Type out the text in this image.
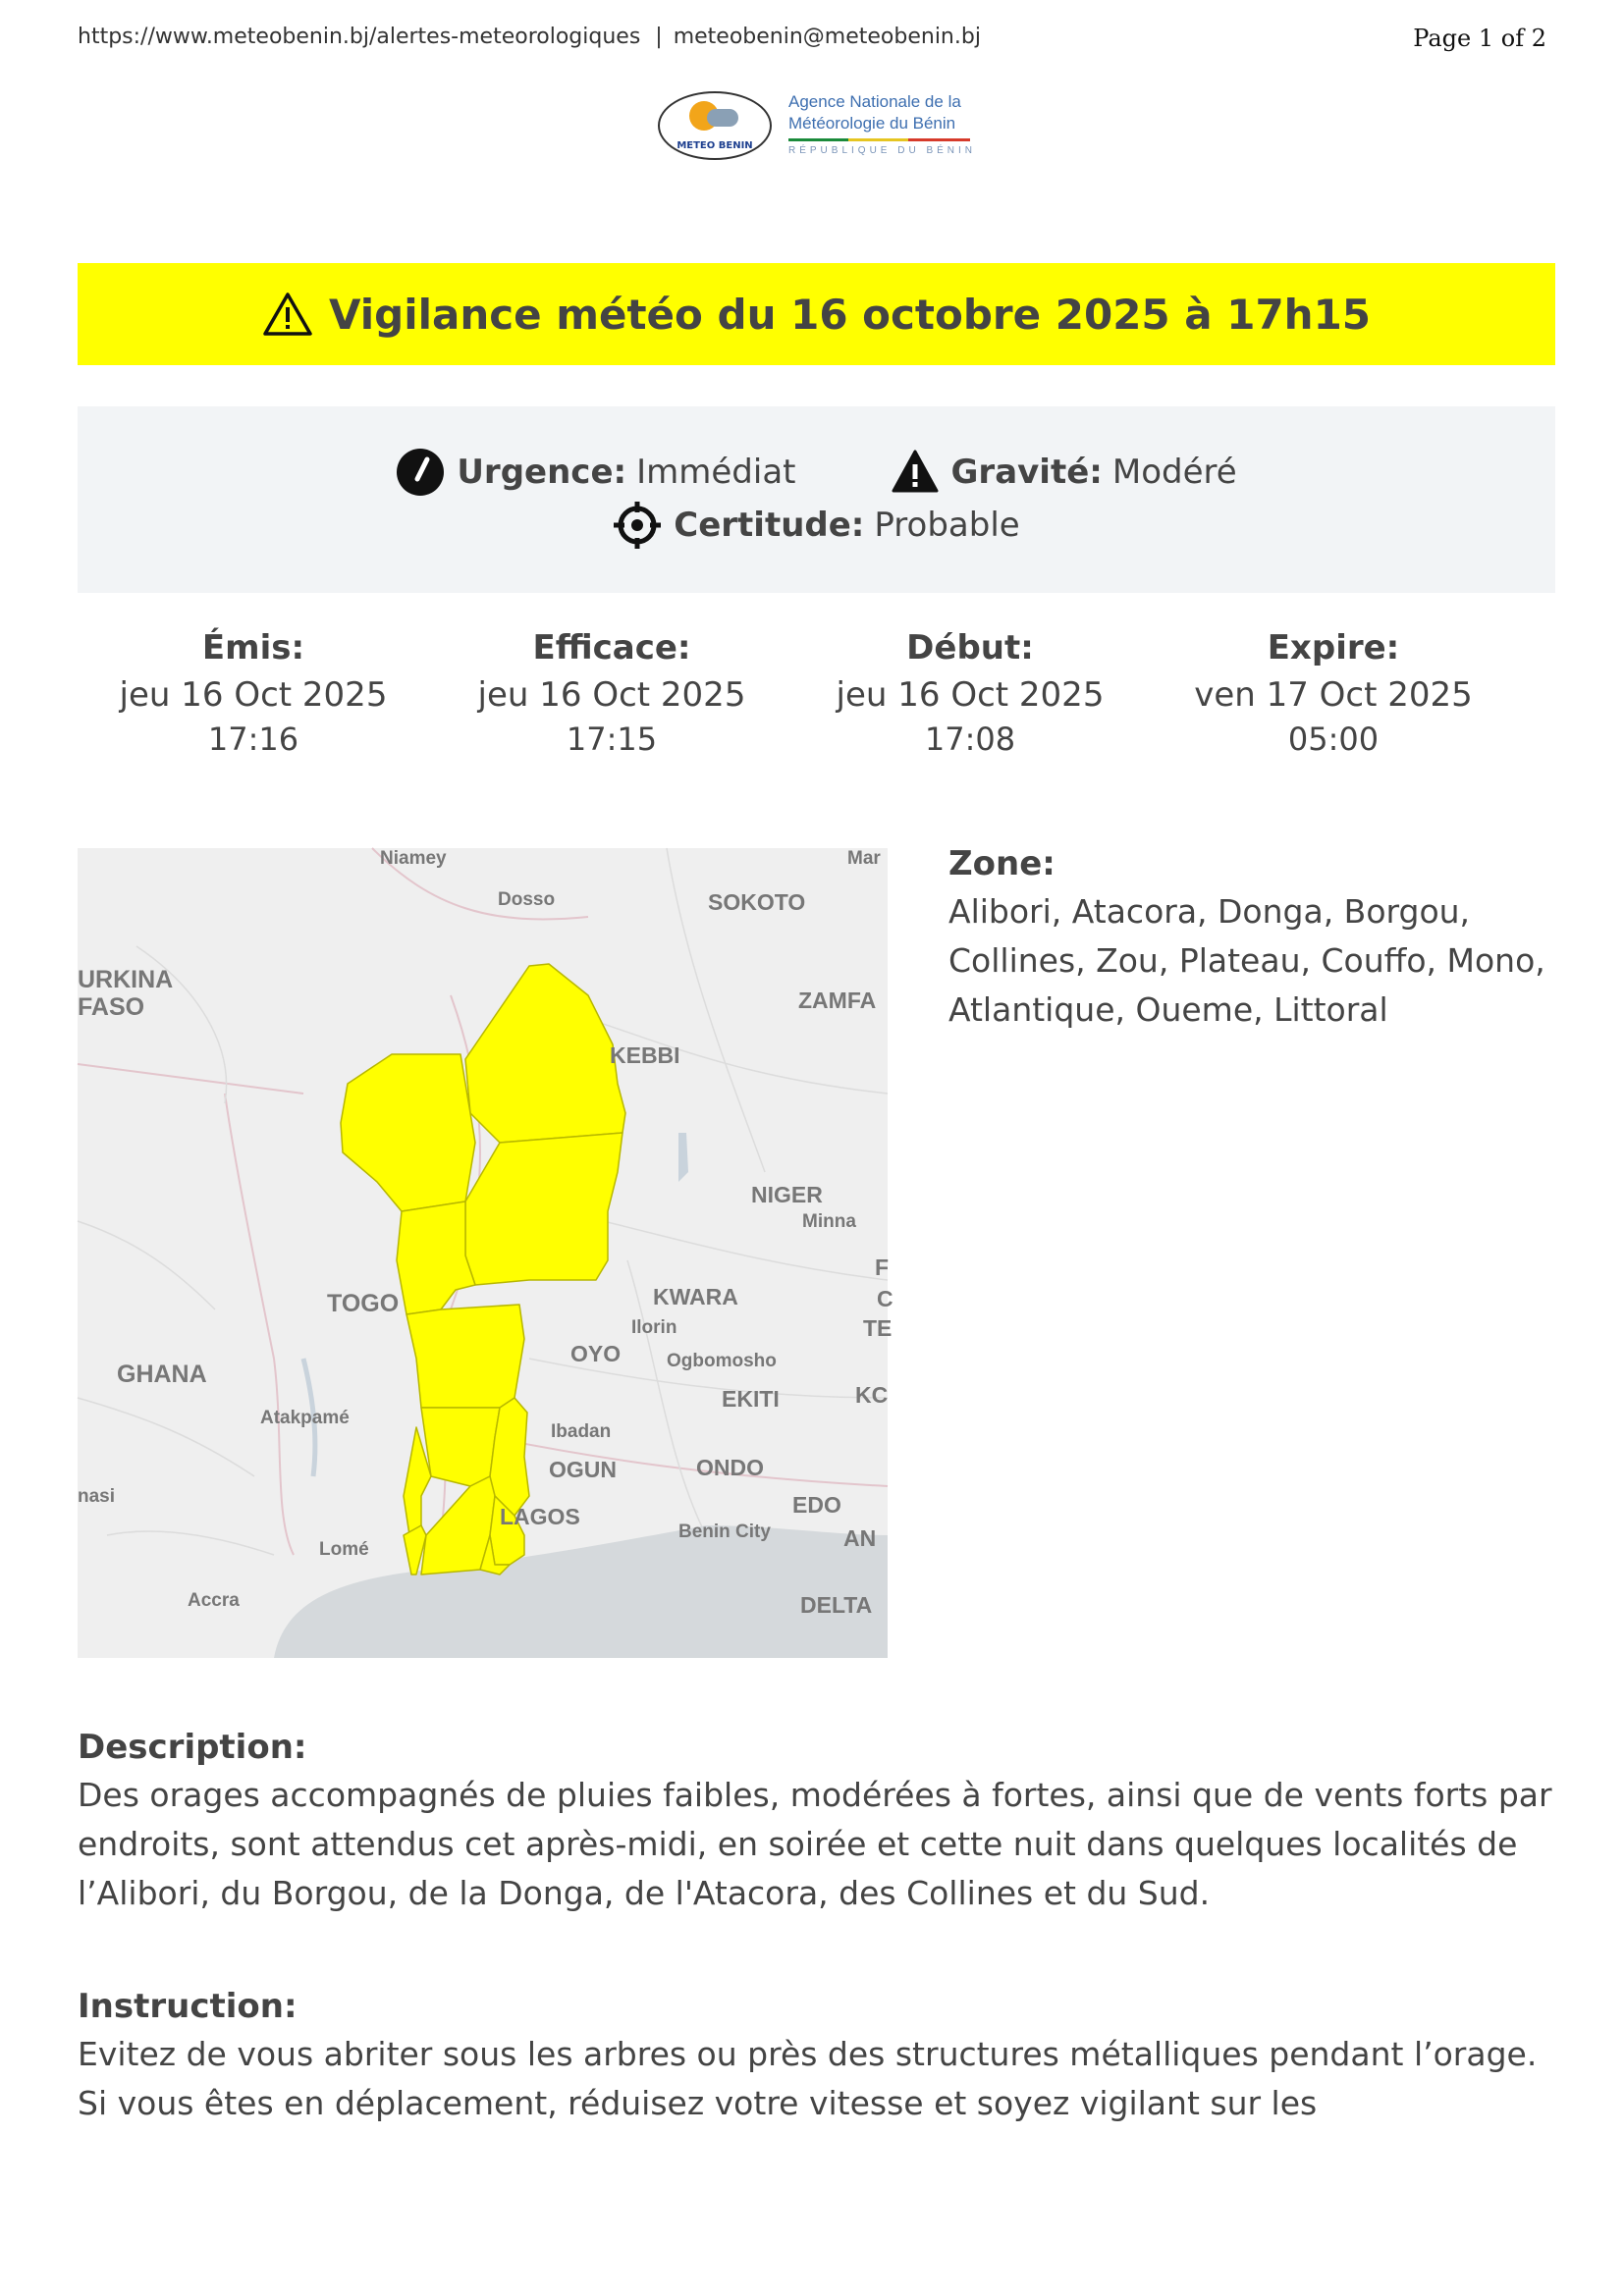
https://www.meteobenin.bj/alertes-meteorologiques | meteobenin@meteobenin.bj	Page 1 of 2
METEO BENIN
Agence Nationale de la
Météorologie du Bénin
RÉPUBLIQUE DU BÉNIN
Vigilance météo du 16 octobre 2025 à 17h15
Urgence: Immédiat	Gravité: Modéré
Certitude: Probable
Émis:
jeu 16 Oct 2025
17:16
Efficace:
jeu 16 Oct 2025
17:15
Début:
jeu 16 Oct 2025
17:08
Expire:
ven 17 Oct 2025
05:00
Niamey
Dosso	SOKOTO
Mar
URKINA
FASO	ZAMFA
KEBBI
NIGER
Minna
F
C
TE
TOGO	KWARA
Ilorin
OYO Ogbomosho
GHANA
EKITI	KC
Atakpamé
Ibadan
OGUN	ONDO
nasi	EDO
LAGOS
Benin City	AN
Lomé
Accra	DELTA
Zone:
Alibori, Atacora, Donga, Borgou, Collines, Zou, Plateau, Couffo, Mono, Atlantique, Oueme, Littoral
Description:
Des orages accompagnés de pluies faibles, modérées à fortes, ainsi que de vents forts par endroits, sont attendus cet après-midi, en soirée et cette nuit dans quelques localités de l’Alibori, du Borgou, de la Donga, de l'Atacora, des Collines et du Sud.
Instruction:
Evitez de vous abriter sous les arbres ou près des structures métalliques pendant l’orage. Si vous êtes en déplacement, réduisez votre vitesse et soyez vigilant sur les
